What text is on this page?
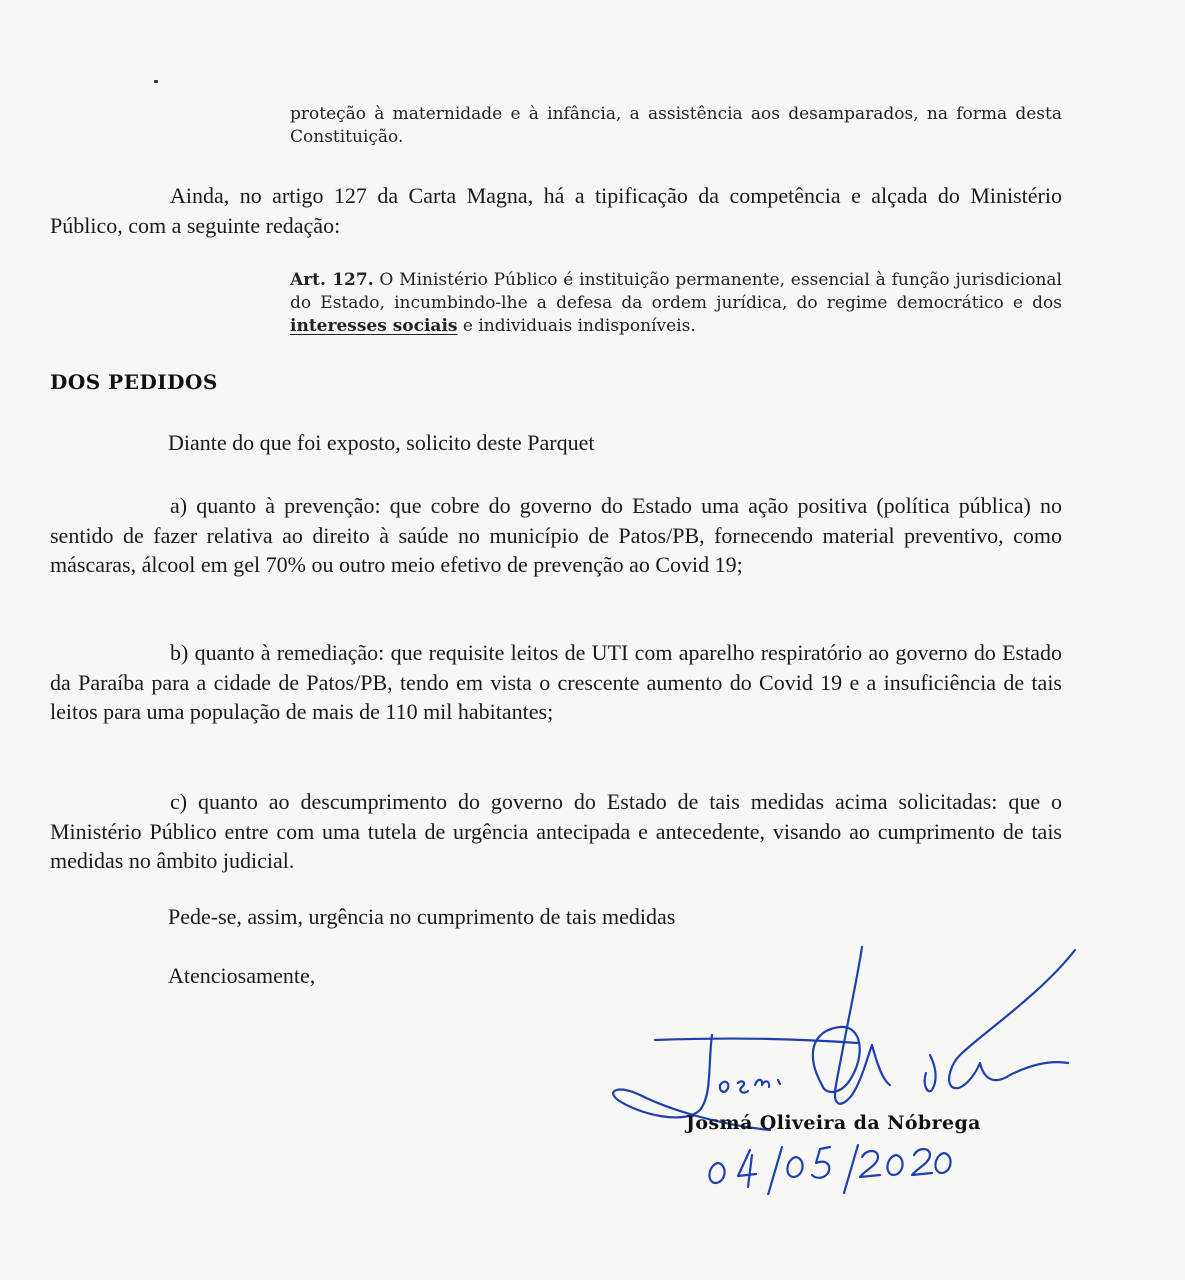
proteção à maternidade e à infância, a assistência aos desamparados, na forma desta Constituição.
Ainda, no artigo 127 da Carta Magna, há a tipificação da competência e alçada do Ministério Público, com a seguinte redação:
Art. 127. O Ministério Público é instituição permanente, essencial à função jurisdicional do Estado, incumbindo-lhe a defesa da ordem jurídica, do regime democrático e dos interesses sociais e individuais indisponíveis.
DOS PEDIDOS
Diante do que foi exposto, solicito deste Parquet
a) quanto à prevenção: que cobre do governo do Estado uma ação positiva (política pública) no sentido de fazer relativa ao direito à saúde no município de Patos/PB, fornecendo material preventivo, como máscaras, álcool em gel 70% ou outro meio efetivo de prevenção ao Covid 19;
b) quanto à remediação: que requisite leitos de UTI com aparelho respiratório ao governo do Estado da Paraíba para a cidade de Patos/PB, tendo em vista o crescente aumento do Covid 19 e a insuficiência de tais leitos para uma população de mais de 110 mil habitantes;
c) quanto ao descumprimento do governo do Estado de tais medidas acima solicitadas: que o Ministério Público entre com uma tutela de urgência antecipada e antecedente, visando ao cumprimento de tais medidas no âmbito judicial.
Pede-se, assim, urgência no cumprimento de tais medidas
Atenciosamente,
Josmá Oliveira da Nóbrega
